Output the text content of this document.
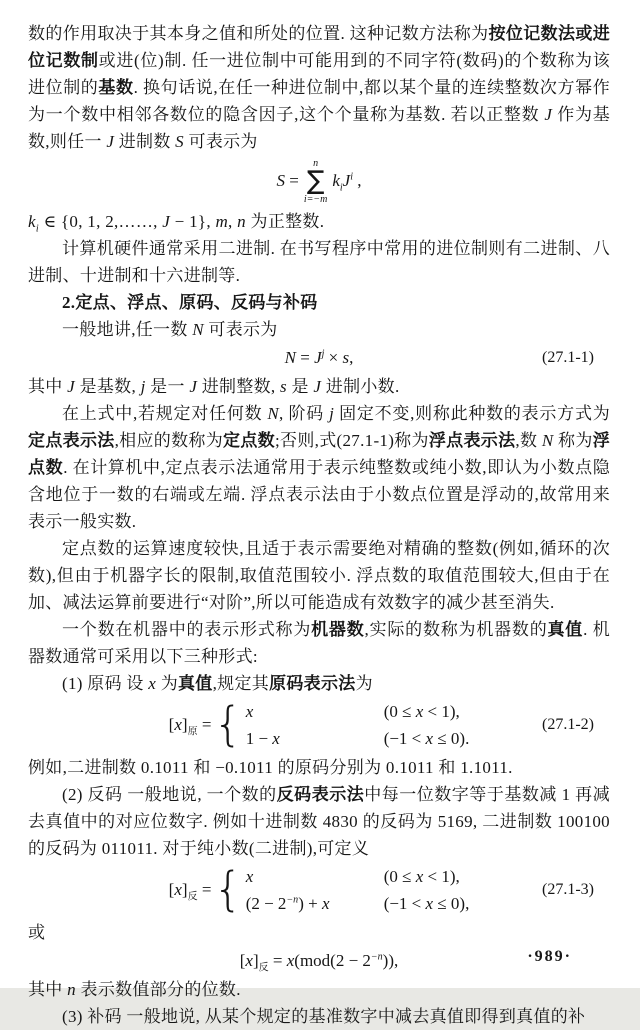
数的作用取决于其本身之值和所处的位置. 这种记数方法称为按位记数法或进位记数制或进(位)制. 任一进位制中可能用到的不同字符(数码)的个数称为该进位制的基数. 换句话说,在任一种进位制中,都以某个量的连续整数次方幂作为一个数中相邻各数位的隐含因子,这个个量称为基数. 若以正整数 J 作为基数,则任一 J 进制数 S 可表示为

S =
n
∑
i=−m
$k_iJ^i$ ,

$k_i$ ∈ {0, 1, 2,……, J − 1}, m, n 为正整数.

计算机硬件通常采用二进制. 在书写程序中常用的进位制则有二进制、八进制、十进制和十六进制等.

2.定点、浮点、原码、反码与补码

一般地讲,任一数 N 可表示为

$N = J^j \times s$,	(27.1-1)

其中 J 是基数, j 是一 J 进制整数, s 是 J 进制小数.

在上式中,若规定对任何数 N, 阶码 j 固定不变,则称此种数的表示方式为定点表示法,相应的数称为定点数;否则,式(27.1-1)称为浮点表示法,数 N 称为浮点数. 在计算机中,定点表示法通常用于表示纯整数或纯小数,即认为小数点隐含地位于一数的右端或左端. 浮点表示法由于小数点位置是浮动的,故常用来表示一般实数.

定点数的运算速度较快,且适于表示需要绝对精确的整数(例如,循环的次数),但由于机器字长的限制,取值范围较小. 浮点数的取值范围较大,但由于在加、减法运算前要进行“对阶”,所以可能造成有效数字的减少甚至消失.

一个数在机器中的表示形式称为机器数,实际的数称为机器数的真值. 机器数通常可采用以下三种形式:

(1) 原码 设 x 为真值,规定其原码表示法为

$[x]_原$ = { x	(0 ≤ x < 1),
1 − x	(−1 < x ≤ 0).
(27.1-2)

例如,二进制数 0.1011 和 −0.1011 的原码分别为 0.1011 和 1.1011.

(2) 反码 一般地说, 一个数的反码表示法中每一位数字等于基数减 1 再减去真值中的对应位数字. 例如十进制数 4830 的反码为 5169, 二进制数 100100 的反码为 011011. 对于纯小数(二进制),可定义

$[x]_反$ = { x	(0 ≤ x < 1),
$(2 - 2^{-n}) + x$	(−1 < x ≤ 0),
(27.1-3)

或

$[x]_反 = x(mod(2 - 2^{-n}))$,

其中 n 表示数值部分的位数.

(3) 补码 一般地说, 从某个规定的基准数字中减去真值即得到真值的补

·989·
